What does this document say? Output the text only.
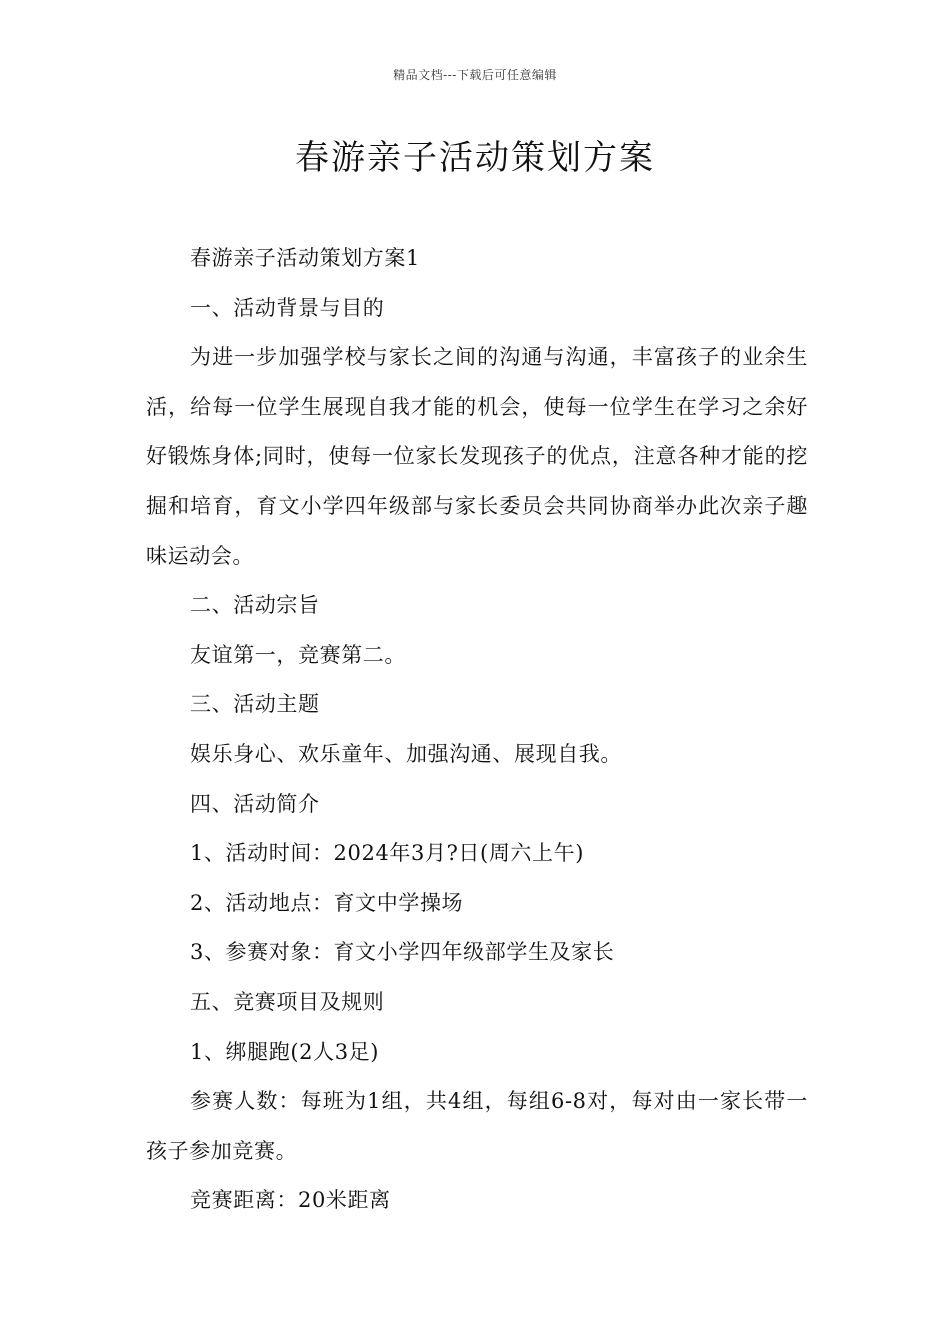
精品文档---下载后可任意编辑
春游亲子活动策划方案

春游亲子活动策划方案1

一、活动背景与目的

为进一步加强学校与家长之间的沟通与沟通，丰富孩子的业余生活，给每一位学生展现自我才能的机会，使每一位学生在学习之余好好锻炼身体;同时，使每一位家长发现孩子的优点，注意各种才能的挖掘和培育，育文小学四年级部与家长委员会共同协商举办此次亲子趣味运动会。

二、活动宗旨

友谊第一，竞赛第二。

三、活动主题

娱乐身心、欢乐童年、加强沟通、展现自我。

四、活动简介

1、活动时间：2024年3月?日(周六上午)

2、活动地点：育文中学操场

3、参赛对象：育文小学四年级部学生及家长

五、竞赛项目及规则

1、绑腿跑(2人3足)

参赛人数：每班为1组，共4组，每组6-8对，每对由一家长带一孩子参加竞赛。

竞赛距离：20米距离
